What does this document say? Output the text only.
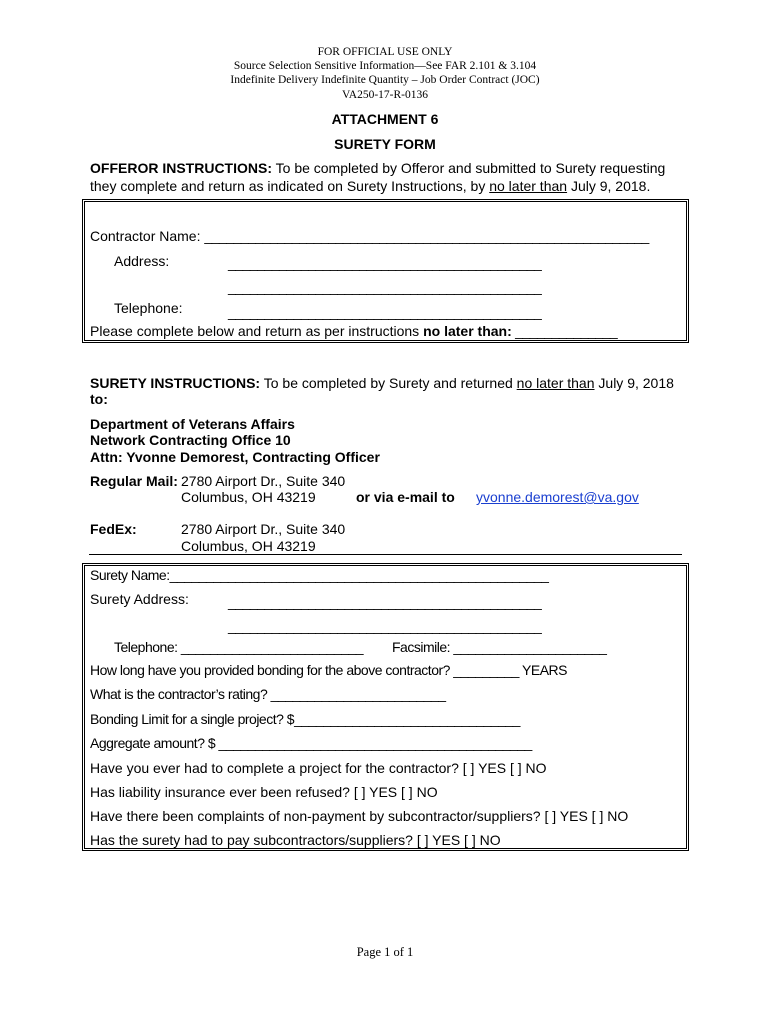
FOR OFFICIAL USE ONLY
Source Selection Sensitive Information—See FAR 2.101 & 3.104
Indefinite Delivery Indefinite Quantity – Job Order Contract (JOC)
VA250-17-R-0136
ATTACHMENT 6
SURETY FORM
OFFEROR INSTRUCTIONS: To be completed by Offeror and submitted to Surety requesting
they complete and return as indicated on Surety Instructions, by no later than July 9, 2018.
Contractor Name: _____________________________________________________________
Address:	___________________________________________
___________________________________________
Telephone:	___________________________________________
Please complete below and return as per instructions no later than: ______________
SURETY INSTRUCTIONS: To be completed by Surety and returned no later than July 9, 2018
to:
Department of Veterans Affairs
Network Contracting Office 10
Attn: Yvonne Demorest, Contracting Officer
Regular Mail: 2780 Airport Dr., Suite 340
Columbus, OH 43219	or via e-mail to yvonne.demorest@va.gov
FedEx:	2780 Airport Dr., Suite 340
Columbus, OH 43219
Surety Name:____________________________________________________
Surety Address:	___________________________________________
___________________________________________
Telephone: _________________________ Facsimile: _____________________
How long have you provided bonding for the above contractor? _________ YEARS
What is the contractor’s rating? ________________________
Bonding Limit for a single project? $_______________________________
Aggregate amount? $ ___________________________________________
Have you ever had to complete a project for the contractor? [ ] YES [ ] NO
Has liability insurance ever been refused? [ ] YES [ ] NO
Have there been complaints of non-payment by subcontractor/suppliers? [ ] YES [ ] NO
Has the surety had to pay subcontractors/suppliers? [ ] YES [ ] NO
Page 1 of 1
